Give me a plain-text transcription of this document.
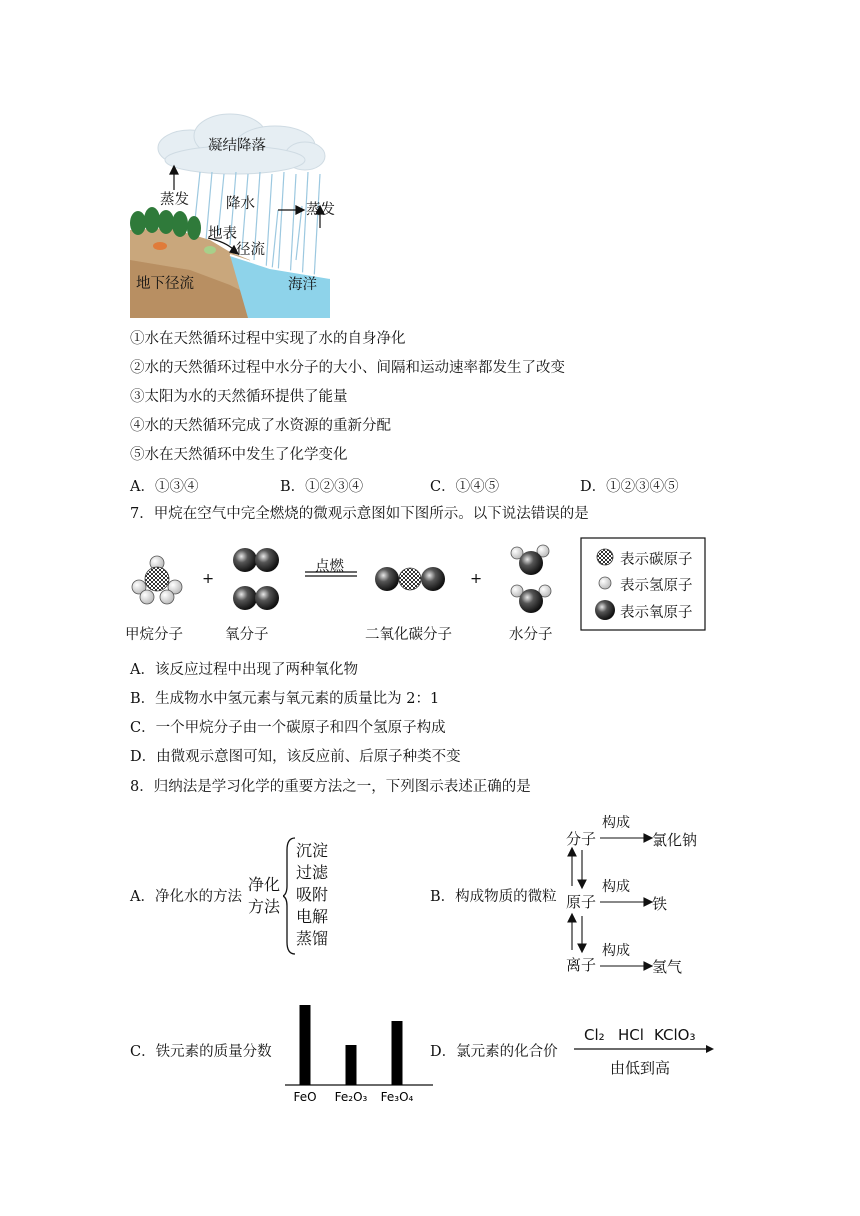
凝结降落
蒸发	降水	蒸发
地表
径流
地下径流	海洋
①水在天然循环过程中实现了水的自身净化
②水的天然循环过程中水分子的大小、间隔和运动速率都发生了改变
③太阳为水的天然循环提供了能量
④水的天然循环完成了水资源的重新分配
⑤水在天然循环中发生了化学变化
A．①③④	B．①②③④	C．①④⑤	D．①②③④⑤
7．甲烷在空气中完全燃烧的微观示意图如下图所示。以下说法错误的是
+	+
点燃
甲烷分子	氧分子	二氧化碳分子	水分子
表示碳原子
表示氢原子
表示氧原子
A．该反应过程中出现了两种氧化物
B．生成物水中氢元素与氧元素的质量比为 2：1
C．一个甲烷分子由一个碳原子和四个氢原子构成
D．由微观示意图可知，该反应前、后原子种类不变
8．归纳法是学习化学的重要方法之一，下列图示表述正确的是
A．净化水的方法
净化
方法
沉淀
过滤
吸附
电解
蒸馏
B．构成物质的微粒
分子
原子
离子
构成
构成
构成
氯化钠
铁
氢气
C．铁元素的质量分数
FeO Fe₂O₃ Fe₃O₄
D．氯元素的化合价
Cl₂ HCl KClO₃
由低到高
